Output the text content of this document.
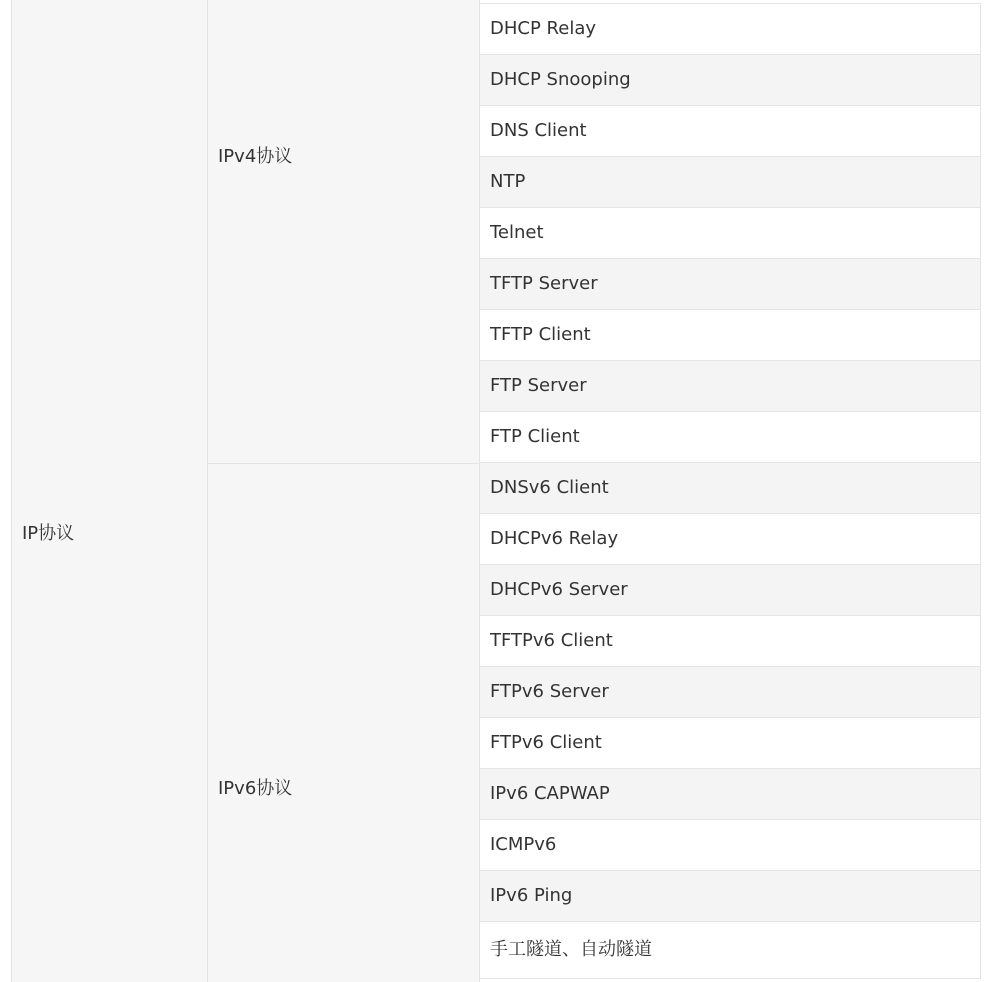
IP协议
IPv4协议
IPv6协议
DHCP Relay
DHCP Snooping
DNS Client
NTP
Telnet
TFTP Server
TFTP Client
FTP Server
FTP Client
DNSv6 Client
DHCPv6 Relay
DHCPv6 Server
TFTPv6 Client
FTPv6 Server
FTPv6 Client
IPv6 CAPWAP
ICMPv6
IPv6 Ping
手工隧道、自动隧道
